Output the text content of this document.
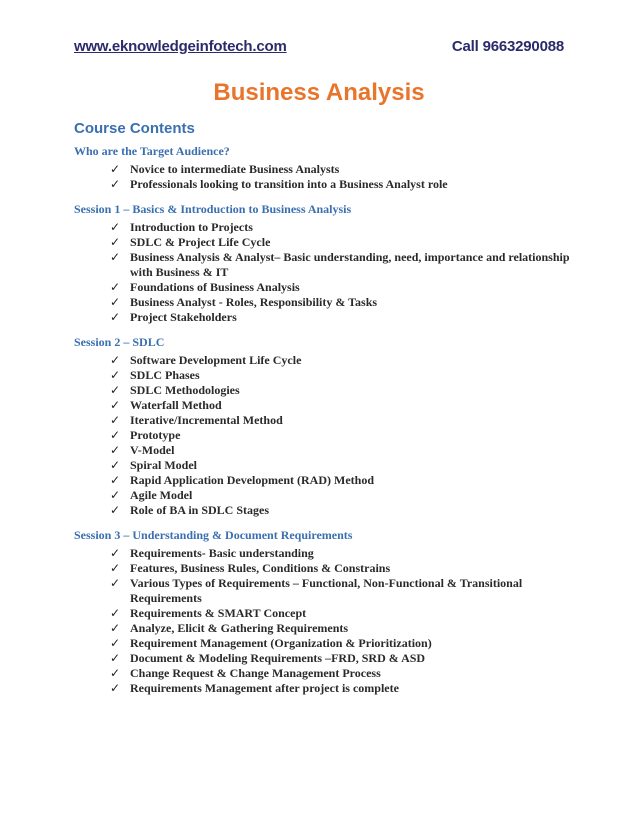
www.eknowledgeinfotech.com	Call 9663290088
Business Analysis
Course Contents
Who are the Target Audience?
✓ Novice to intermediate Business Analysts
✓ Professionals looking to transition into a Business Analyst role
Session 1 – Basics & Introduction to Business Analysis
✓ Introduction to Projects
✓ SDLC & Project Life Cycle
✓ Business Analysis & Analyst– Basic understanding, need, importance and relationship with Business & IT
✓ Foundations of Business Analysis
✓ Business Analyst - Roles, Responsibility & Tasks
✓ Project Stakeholders
Session 2 – SDLC
✓ Software Development Life Cycle
✓ SDLC Phases
✓ SDLC Methodologies
✓ Waterfall Method
✓ Iterative/Incremental Method
✓ Prototype
✓ V-Model
✓ Spiral Model
✓ Rapid Application Development (RAD) Method
✓ Agile Model
✓ Role of BA in SDLC Stages
Session 3 – Understanding & Document Requirements
✓ Requirements- Basic understanding
✓ Features, Business Rules, Conditions & Constrains
✓ Various Types of Requirements – Functional, Non-Functional & Transitional Requirements
✓ Requirements & SMART Concept
✓ Analyze, Elicit & Gathering Requirements
✓ Requirement Management (Organization & Prioritization)
✓ Document & Modeling Requirements –FRD, SRD & ASD
✓ Change Request & Change Management Process
✓ Requirements Management after project is complete
